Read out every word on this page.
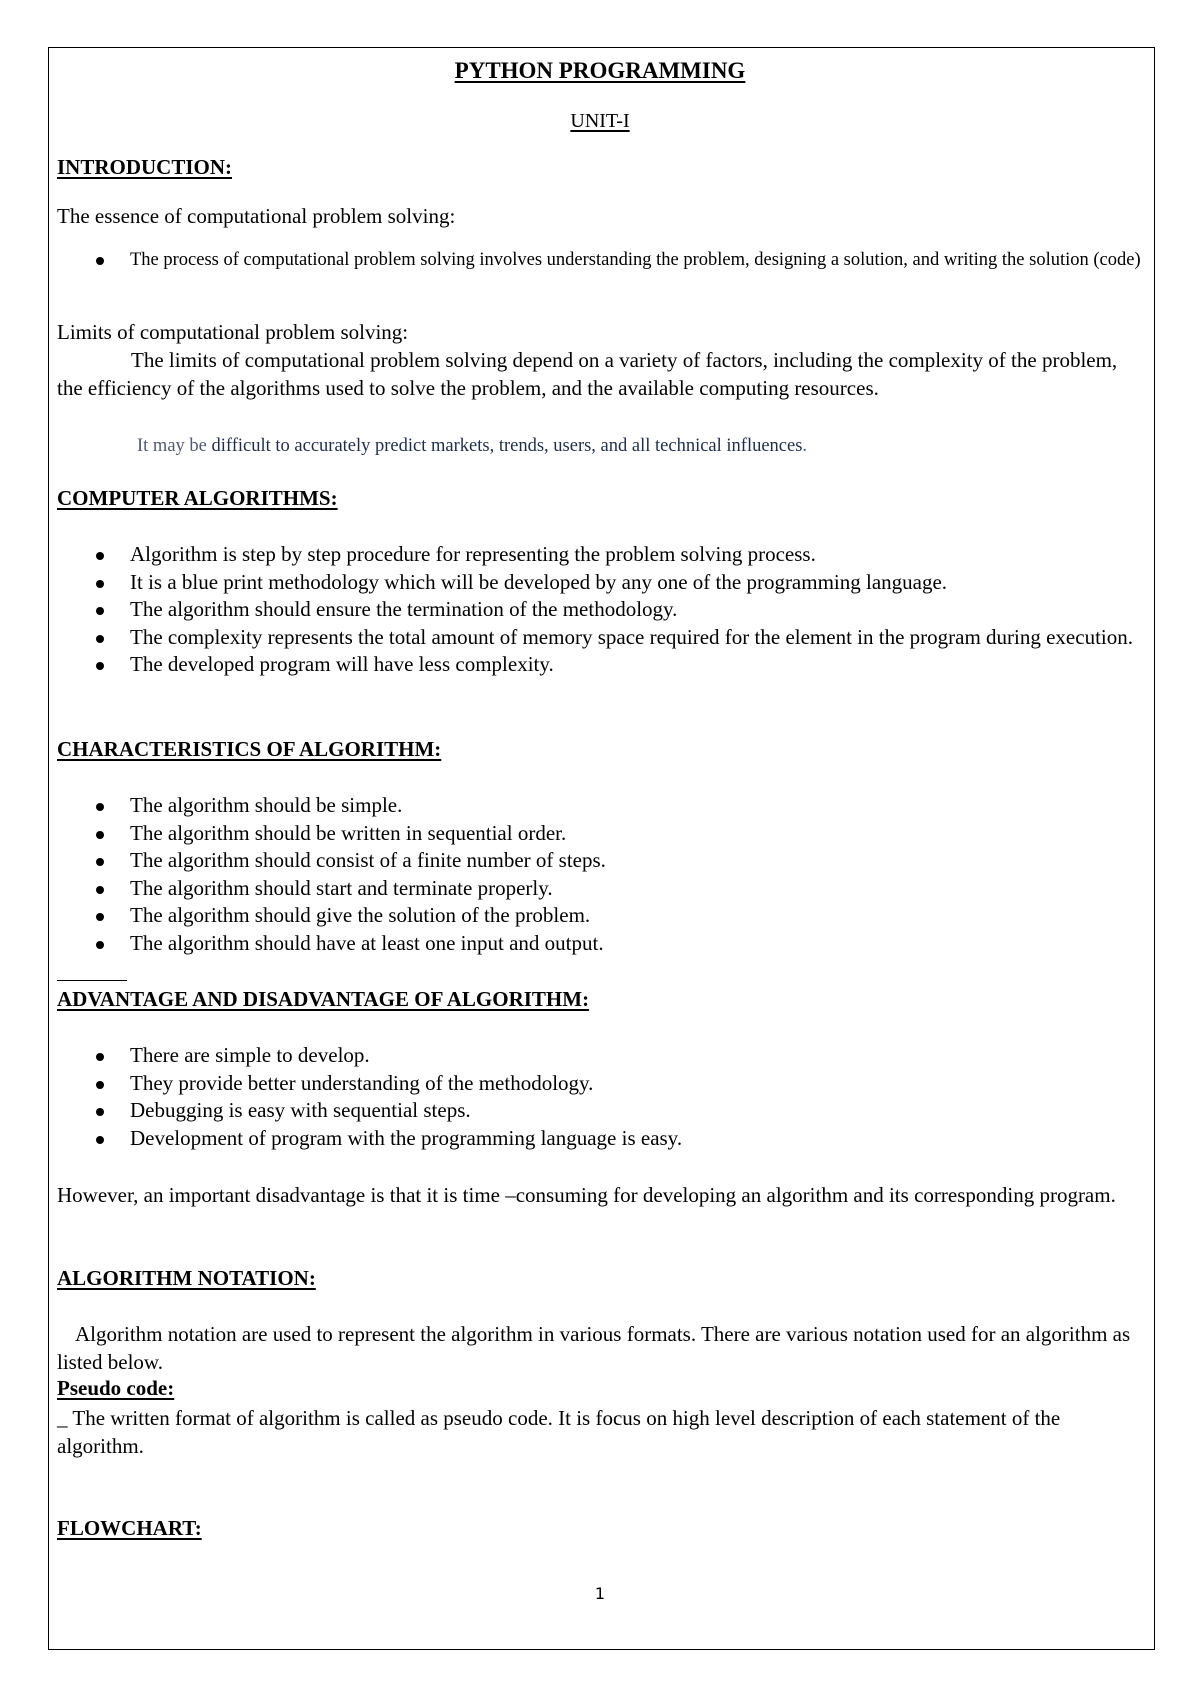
PYTHON PROGRAMMING
UNIT-I
INTRODUCTION:
The essence of computational problem solving:
The process of computational problem solving involves understanding the problem, designing a solution, and writing the solution (code)
Limits of computational problem solving:
The limits of computational problem solving depend on a variety of factors, including the complexity of the problem, the efficiency of the algorithms used to solve the problem, and the available computing resources.
It may be difficult to accurately predict markets, trends, users, and all technical influences.
COMPUTER ALGORITHMS:
Algorithm is step by step procedure for representing the problem solving process.
It is a blue print methodology which will be developed by any one of the programming language.
The algorithm should ensure the termination of the methodology.
The complexity represents the total amount of memory space required for the element in the program during execution.
The developed program will have less complexity.
CHARACTERISTICS OF ALGORITHM:
The algorithm should be simple.
The algorithm should be written in sequential order.
The algorithm should consist of a finite number of steps.
The algorithm should start and terminate properly.
The algorithm should give the solution of the problem.
The algorithm should have at least one input and output.
ADVANTAGE AND DISADVANTAGE OF ALGORITHM:
There are simple to develop.
They provide better understanding of the methodology.
Debugging is easy with sequential steps.
Development of program with the programming language is easy.
However, an important disadvantage is that it is time –consuming for developing an algorithm and its corresponding program.
ALGORITHM NOTATION:
Algorithm notation are used to represent the algorithm in various formats. There are various notation used for an algorithm as listed below.
Pseudo code:
_ The written format of algorithm is called as pseudo code. It is focus on high level description of each statement of the algorithm.
FLOWCHART:
1
